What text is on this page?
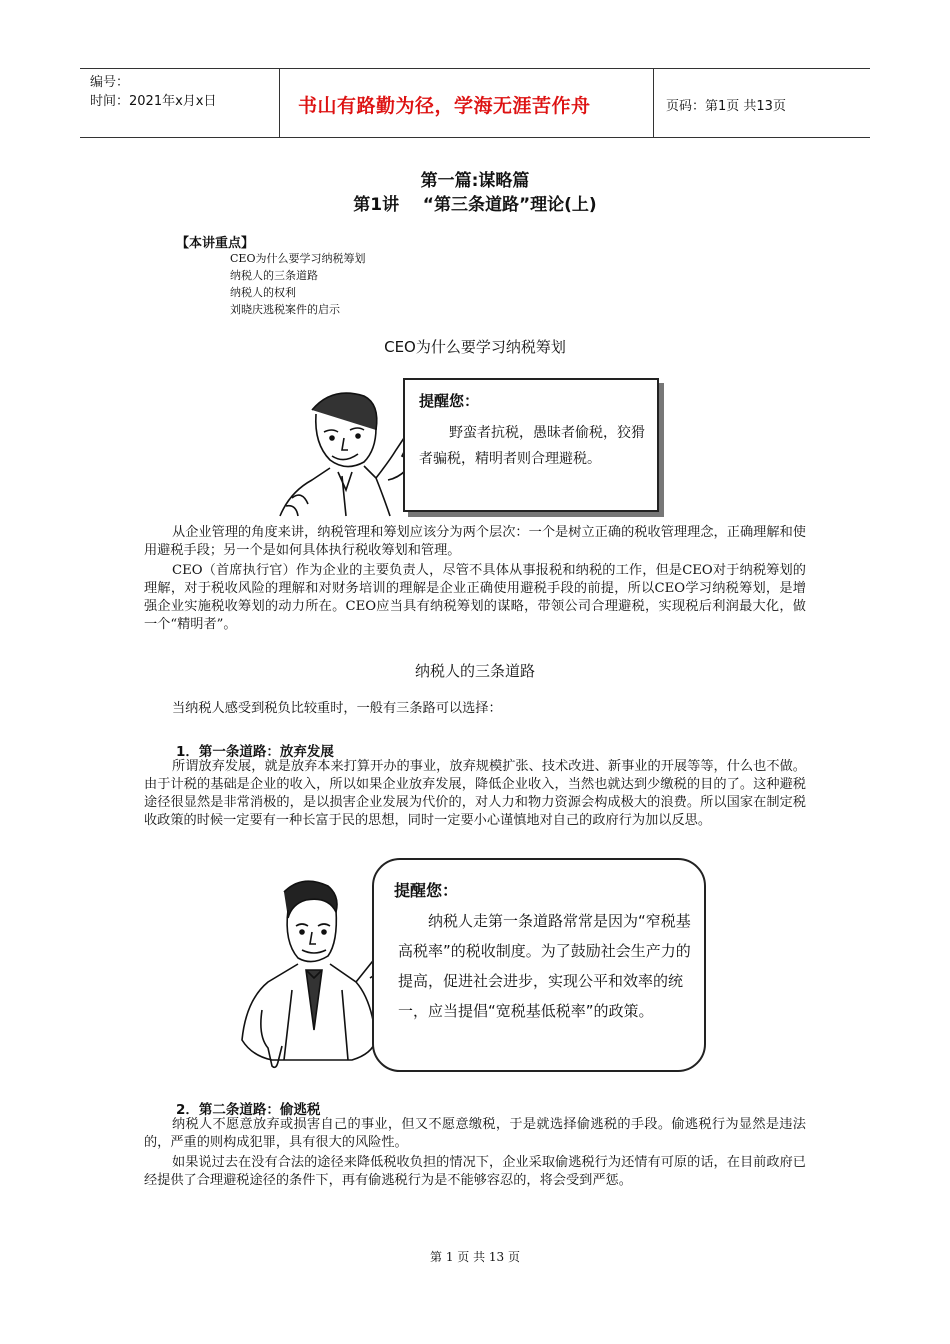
编号：
时间：2021年x月x日	书山有路勤为径，学海无涯苦作舟	页码：第1页 共13页
第一篇:谋略篇
第1讲    “第三条道路”理论(上)
【本讲重点】
CEO为什么要学习纳税筹划
纳税人的三条道路
纳税人的权利
刘晓庆逃税案件的启示
CEO为什么要学习纳税筹划
提醒您：
野蛮者抗税，愚昧者偷税，狡猾者骗税，精明者则合理避税。
从企业管理的角度来讲，纳税管理和筹划应该分为两个层次：一个是树立正确的税收管理理念，正确理解和使用避税手段；另一个是如何具体执行税收筹划和管理。
CEO（首席执行官）作为企业的主要负责人，尽管不具体从事报税和纳税的工作，但是CEO对于纳税筹划的理解，对于税收风险的理解和对财务培训的理解是企业正确使用避税手段的前提，所以CEO学习纳税筹划，是增强企业实施税收筹划的动力所在。CEO应当具有纳税筹划的谋略，带领公司合理避税，实现税后利润最大化，做一个“精明者”。
纳税人的三条道路
当纳税人感受到税负比较重时，一般有三条路可以选择：
1．第一条道路：放弃发展
所谓放弃发展，就是放弃本来打算开办的事业，放弃规模扩张、技术改进、新事业的开展等等，什么也不做。由于计税的基础是企业的收入，所以如果企业放弃发展，降低企业收入，当然也就达到少缴税的目的了。这种避税途径很显然是非常消极的，是以损害企业发展为代价的，对人力和物力资源会构成极大的浪费。所以国家在制定税收政策的时候一定要有一种长富于民的思想，同时一定要小心谨慎地对自己的政府行为加以反思。
提醒您：
纳税人走第一条道路常常是因为“窄税基高税率”的税收制度。为了鼓励社会生产力的提高，促进社会进步，实现公平和效率的统一，应当提倡“宽税基低税率”的政策。
2．第二条道路：偷逃税
纳税人不愿意放弃或损害自己的事业，但又不愿意缴税，于是就选择偷逃税的手段。偷逃税行为显然是违法的，严重的则构成犯罪，具有很大的风险性。
如果说过去在没有合法的途径来降低税收负担的情况下，企业采取偷逃税行为还情有可原的话，在目前政府已经提供了合理避税途径的条件下，再有偷逃税行为是不能够容忍的，将会受到严惩。
第 1 页 共 13 页
